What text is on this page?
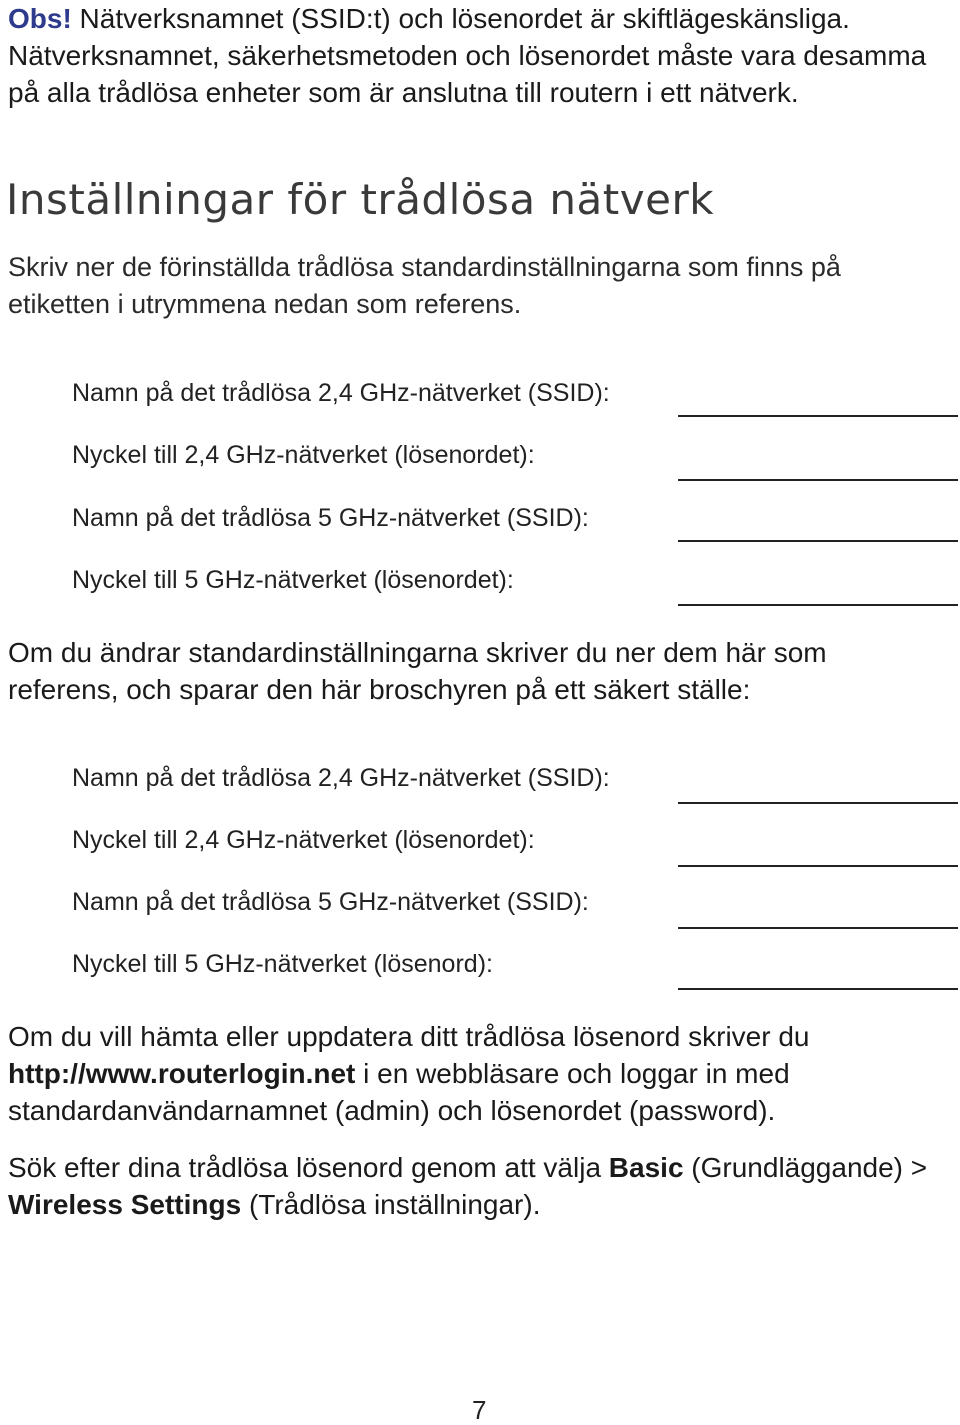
Obs! Nätverksnamnet (SSID:t) och lösenordet är skiftlägeskänsliga. Nätverksnamnet, säkerhetsmetoden och lösenordet måste vara desamma på alla trådlösa enheter som är anslutna till routern i ett nätverk.
Inställningar för trådlösa nätverk
Skriv ner de förinställda trådlösa standardinställningarna som finns på etiketten i utrymmena nedan som referens.
Namn på det trådlösa 2,4 GHz-nätverket (SSID):
Nyckel till 2,4 GHz-nätverket (lösenordet):
Namn på det trådlösa 5 GHz-nätverket (SSID):
Nyckel till 5 GHz-nätverket (lösenordet):
Om du ändrar standardinställningarna skriver du ner dem här som referens, och sparar den här broschyren på ett säkert ställe:
Namn på det trådlösa 2,4 GHz-nätverket (SSID):
Nyckel till 2,4 GHz-nätverket (lösenordet):
Namn på det trådlösa 5 GHz-nätverket (SSID):
Nyckel till 5 GHz-nätverket (lösenord):
Om du vill hämta eller uppdatera ditt trådlösa lösenord skriver du http://www.routerlogin.net i en webbläsare och loggar in med standardanvändarnamnet (admin) och lösenordet (password).
Sök efter dina trådlösa lösenord genom att välja Basic (Grundläggande) > Wireless Settings (Trådlösa inställningar).
7
